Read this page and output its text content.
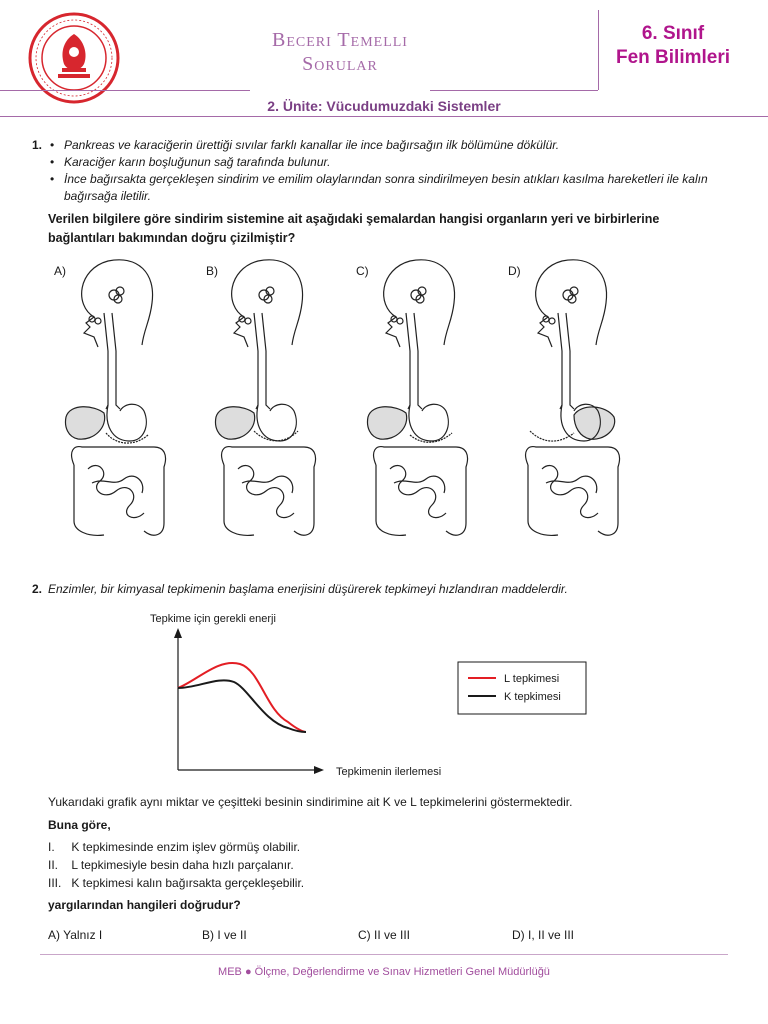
Beceri Temelli
Sorular
6. Sınıf
Fen Bilimleri
2. Ünite: Vücudumuzdaki Sistemler
1.
•	Pankreas ve karaciğerin ürettiği sıvılar farklı kanallar ile ince bağırsağın ilk bölümüne dökülür.
• Karaciğer karın boşluğunun sağ tarafında bulunur.
• İnce bağırsakta gerçekleşen sindirim ve emilim olaylarından sonra sindirilmeyen besin atıkları kasılma hareketleri ile kalın bağırsağa iletilir.
Verilen bilgilere göre sindirim sistemine ait aşağıdaki şemalardan hangisi organların yeri ve birbirlerine bağlantıları bakımından doğru çizilmiştir?
A)	B)	C)	D)
2. Enzimler, bir kimyasal tepkimenin başlama enerjisini düşürerek tepkimeyi hızlandıran maddelerdir.
Tepkime için gerekli enerji
Tepkimenin ilerlemesi
L tepkimesi
K tepkimesi
Yukarıdaki grafik aynı miktar ve çeşitteki besinin sindirimine ait K ve L tepkimelerini göstermektedir.
Buna göre,
I. K tepkimesinde enzim işlev görmüş olabilir.
II. L tepkimesiyle besin daha hızlı parçalanır.
III. K tepkimesi kalın bağırsakta gerçekleşebilir.
yargılarından hangileri doğrudur?
A) Yalnız I	B) I ve II	C) II ve III	D) I, II ve III
MEB ● Ölçme, Değerlendirme ve Sınav Hizmetleri Genel Müdürlüğü
